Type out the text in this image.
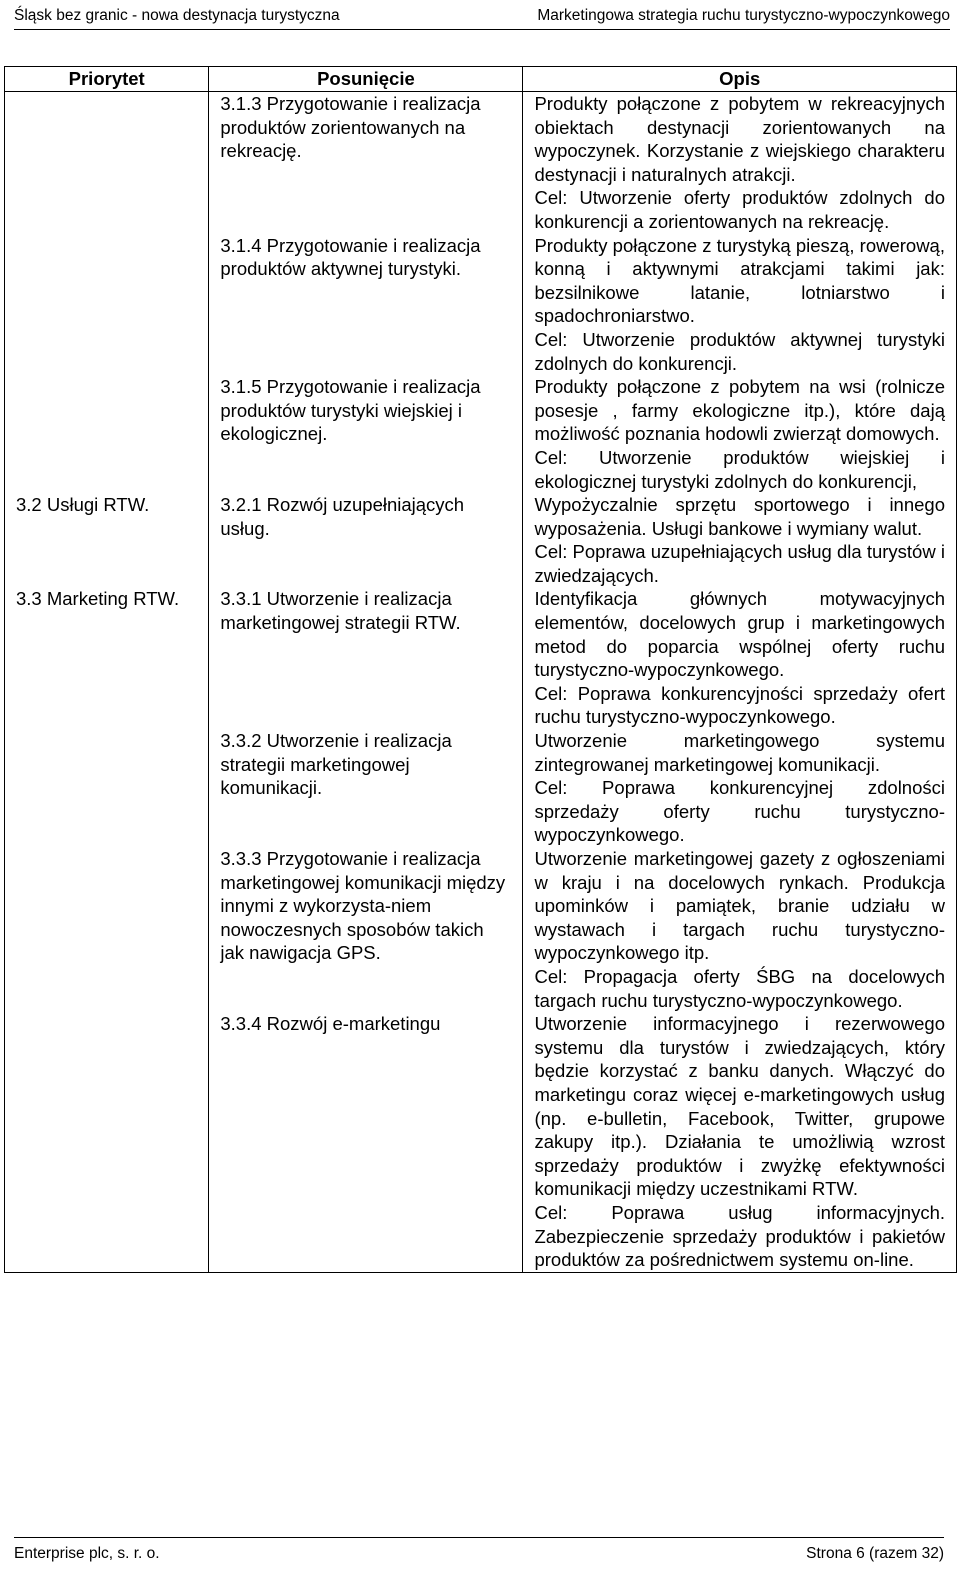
Śląsk bez granic - nowa destynacja turystyczna	Marketingowa strategia ruchu turystyczno-wypoczynkowego
Priorytet	Posunięcie	Opis
	3.1.3 Przygotowanie i realizacja produktów zorientowanych na rekreację.	Produkty połączone z pobytem w rekreacyjnych obiektach destynacji zorientowanych na wypoczynek. Korzystanie z wiejskiego charakteru destynacji i naturalnych atrakcji.

Cel: Utworzenie oferty produktów zdolnych do konkurencji a zorientowanych na rekreację.

	3.1.4 Przygotowanie i realizacja produktów aktywnej turystyki.	Produkty połączone z turystyką pieszą, rowerową, konną i aktywnymi atrakcjami takimi jak: bezsilnikowe latanie, lotniarstwo i spadochroniarstwo.

Cel: Utworzenie produktów aktywnej turystyki zdolnych do konkurencji.

	3.1.5 Przygotowanie i realizacja produktów turystyki wiejskiej i ekologicznej.	Produkty połączone z pobytem na wsi (rolnicze posesje , farmy ekologiczne itp.), które dają możliwość poznania hodowli zwierząt domowych.

Cel: Utworzenie produktów wiejskiej i ekologicznej turystyki zdolnych do konkurencji,

3.2 Usługi RTW.	3.2.1 Rozwój uzupełniających usług.	Wypożyczalnie sprzętu sportowego i innego wyposażenia. Usługi bankowe i wymiany walut.

Cel: Poprawa uzupełniających usług dla turystów i zwiedzających.

3.3 Marketing RTW.	3.3.1 Utworzenie i realizacja marketingowej strategii RTW.	Identyfikacja głównych motywacyjnych elementów, docelowych grup i marketingowych metod do poparcia wspólnej oferty ruchu turystyczno-wypoczynkowego.

Cel: Poprawa konkurencyjności sprzedaży ofert ruchu turystyczno-wypoczynkowego.

	3.3.2 Utworzenie i realizacja strategii marketingowej komunikacji.	Utworzenie marketingowego systemu zintegrowanej marketingowej komunikacji.

Cel: Poprawa konkurencyjnej zdolności sprzedaży oferty ruchu turystyczno-wypoczynkowego.

	3.3.3 Przygotowanie i realizacja marketingowej komunikacji między innymi z wykorzysta-niem nowoczesnych sposobów takich jak nawigacja GPS.	Utworzenie marketingowej gazety z ogłoszeniami w kraju i na docelowych rynkach. Produkcja upominków i pamiątek, branie udziału w wystawach i targach ruchu turystyczno-wypoczynkowego itp.

Cel: Propagacja oferty ŚBG na docelowych targach ruchu turystyczno-wypoczynkowego.

	3.3.4 Rozwój e-marketingu	Utworzenie informacyjnego i rezerwowego systemu dla turystów i zwiedzających, który będzie korzystać z banku danych. Włączyć do marketingu coraz więcej e-marketingowych usług (np. e-bulletin, Facebook, Twitter, grupowe zakupy itp.). Działania te umożliwią wzrost sprzedaży produktów i zwyżkę efektywności komunikacji między uczestnikami RTW.

Cel: Poprawa usług informacyjnych. Zabezpieczenie sprzedaży produktów i pakietów produktów za pośrednictwem systemu on-line.

Enterprise plc, s. r. o.	Strona 6 (razem 32)
